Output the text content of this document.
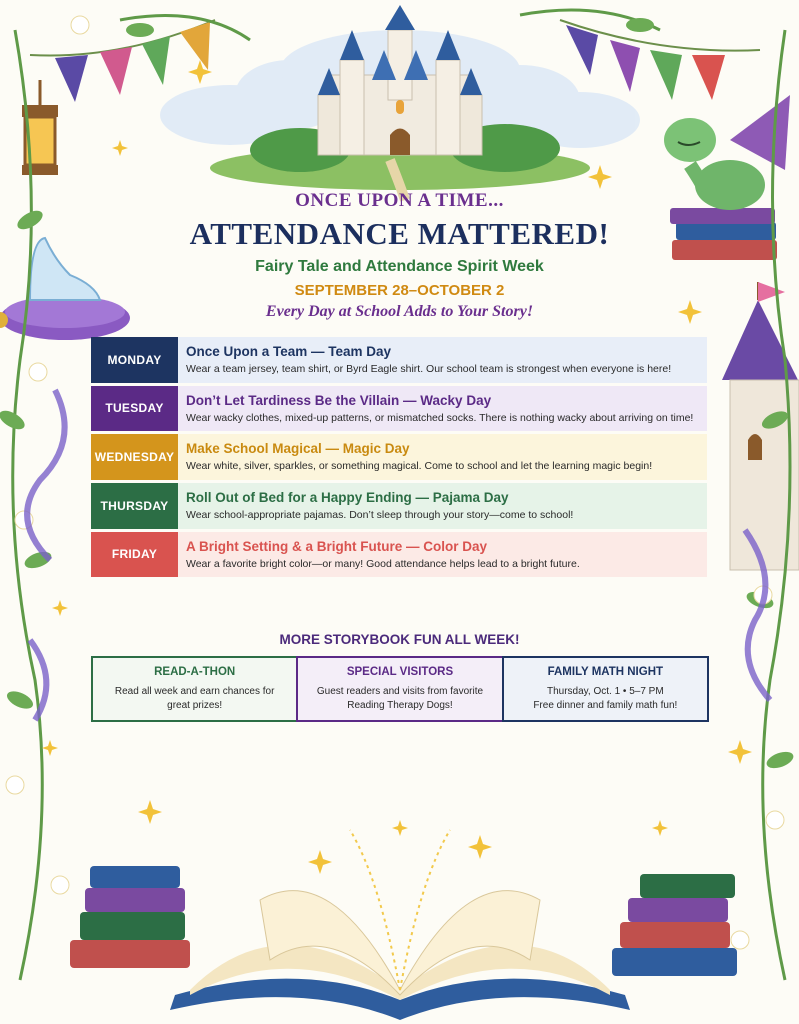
ONCE UPON A TIME...
ATTENDANCE MATTERED!
Fairy Tale and Attendance Spirit Week
SEPTEMBER 28–OCTOBER 2
Every Day at School Adds to Your Story!
MONDAY
Once Upon a Team — Team Day
Wear a team jersey, team shirt, or Byrd Eagle shirt. Our school team is strongest when everyone is here!
TUESDAY
Don’t Let Tardiness Be the Villain — Wacky Day
Wear wacky clothes, mixed-up patterns, or mismatched socks. There is nothing wacky about arriving on time!
WEDNESDAY
Make School Magical — Magic Day
Wear white, silver, sparkles, or something magical. Come to school and let the learning magic begin!
THURSDAY
Roll Out of Bed for a Happy Ending — Pajama Day
Wear school-appropriate pajamas. Don’t sleep through your story—come to school!
FRIDAY
A Bright Setting & a Bright Future — Color Day
Wear a favorite bright color—or many! Good attendance helps lead to a bright future.
MORE STORYBOOK FUN ALL WEEK!
READ-A-THON
Read all week and earn chances for
great prizes!
SPECIAL VISITORS
Guest readers and visits from favorite
Reading Therapy Dogs!
FAMILY MATH NIGHT
Thursday, Oct. 1 • 5–7 PM
Free dinner and family math fun!
